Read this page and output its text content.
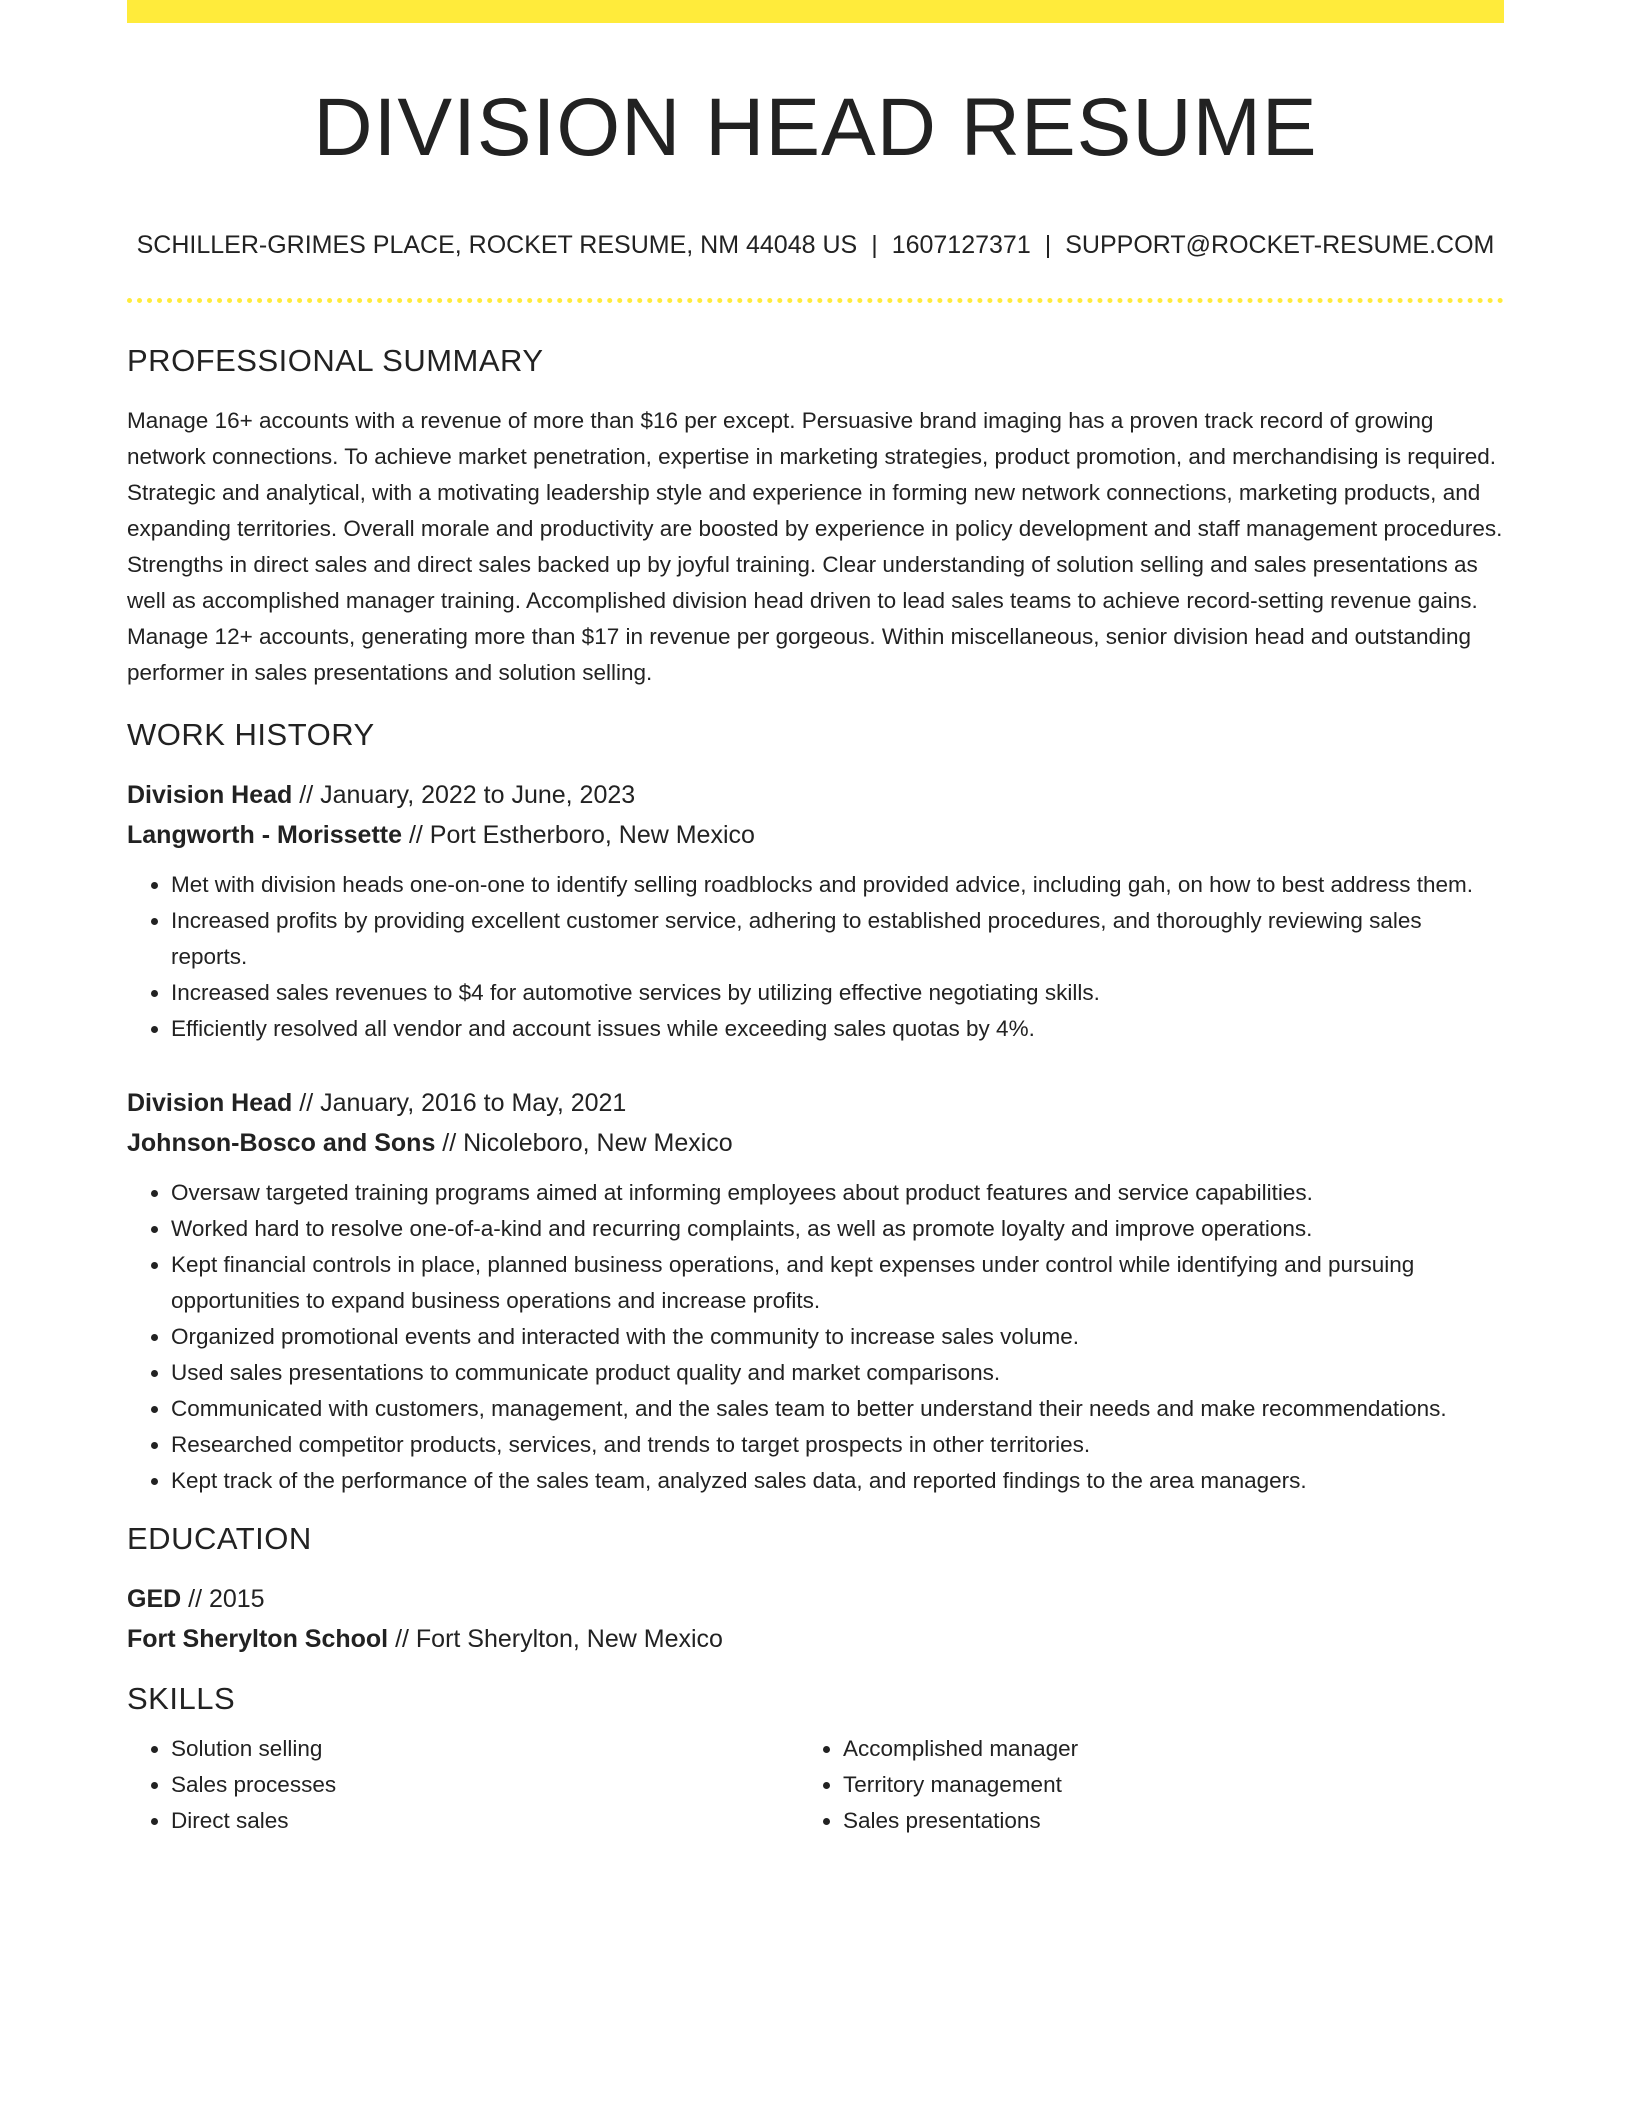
DIVISION HEAD RESUME
SCHILLER-GRIMES PLACE, ROCKET RESUME, NM 44048 US | 1607127371 | SUPPORT@ROCKET-RESUME.COM
PROFESSIONAL SUMMARY

Manage 16+ accounts with a revenue of more than $16 per except. Persuasive brand imaging has a proven track record of growing network connections. To achieve market penetration, expertise in marketing strategies, product promotion, and merchandising is required. Strategic and analytical, with a motivating leadership style and experience in forming new network connections, marketing products, and expanding territories. Overall morale and productivity are boosted by experience in policy development and staff management procedures. Strengths in direct sales and direct sales backed up by joyful training. Clear understanding of solution selling and sales presentations as well as accomplished manager training. Accomplished division head driven to lead sales teams to achieve record-setting revenue gains. Manage 12+ accounts, generating more than $17 in revenue per gorgeous. Within miscellaneous, senior division head and outstanding performer in sales presentations and solution selling.

WORK HISTORY
Division Head // January, 2022 to June, 2023
Langworth - Morissette // Port Estherboro, New Mexico
• Met with division heads one-on-one to identify selling roadblocks and provided advice, including gah, on how to best address them.
• Increased profits by providing excellent customer service, adhering to established procedures, and thoroughly reviewing sales reports.
• Increased sales revenues to $4 for automotive services by utilizing effective negotiating skills.
• Efficiently resolved all vendor and account issues while exceeding sales quotas by 4%.
Division Head // January, 2016 to May, 2021
Johnson-Bosco and Sons // Nicoleboro, New Mexico
• Oversaw targeted training programs aimed at informing employees about product features and service capabilities.
• Worked hard to resolve one-of-a-kind and recurring complaints, as well as promote loyalty and improve operations.
• Kept financial controls in place, planned business operations, and kept expenses under control while identifying and pursuing opportunities to expand business operations and increase profits.
• Organized promotional events and interacted with the community to increase sales volume.
• Used sales presentations to communicate product quality and market comparisons.
• Communicated with customers, management, and the sales team to better understand their needs and make recommendations.
• Researched competitor products, services, and trends to target prospects in other territories.
• Kept track of the performance of the sales team, analyzed sales data, and reported findings to the area managers.
EDUCATION
GED // 2015
Fort Sherylton School // Fort Sherylton, New Mexico
SKILLS
• Solution selling
• Sales processes
• Direct sales
• Accomplished manager
• Territory management
• Sales presentations
